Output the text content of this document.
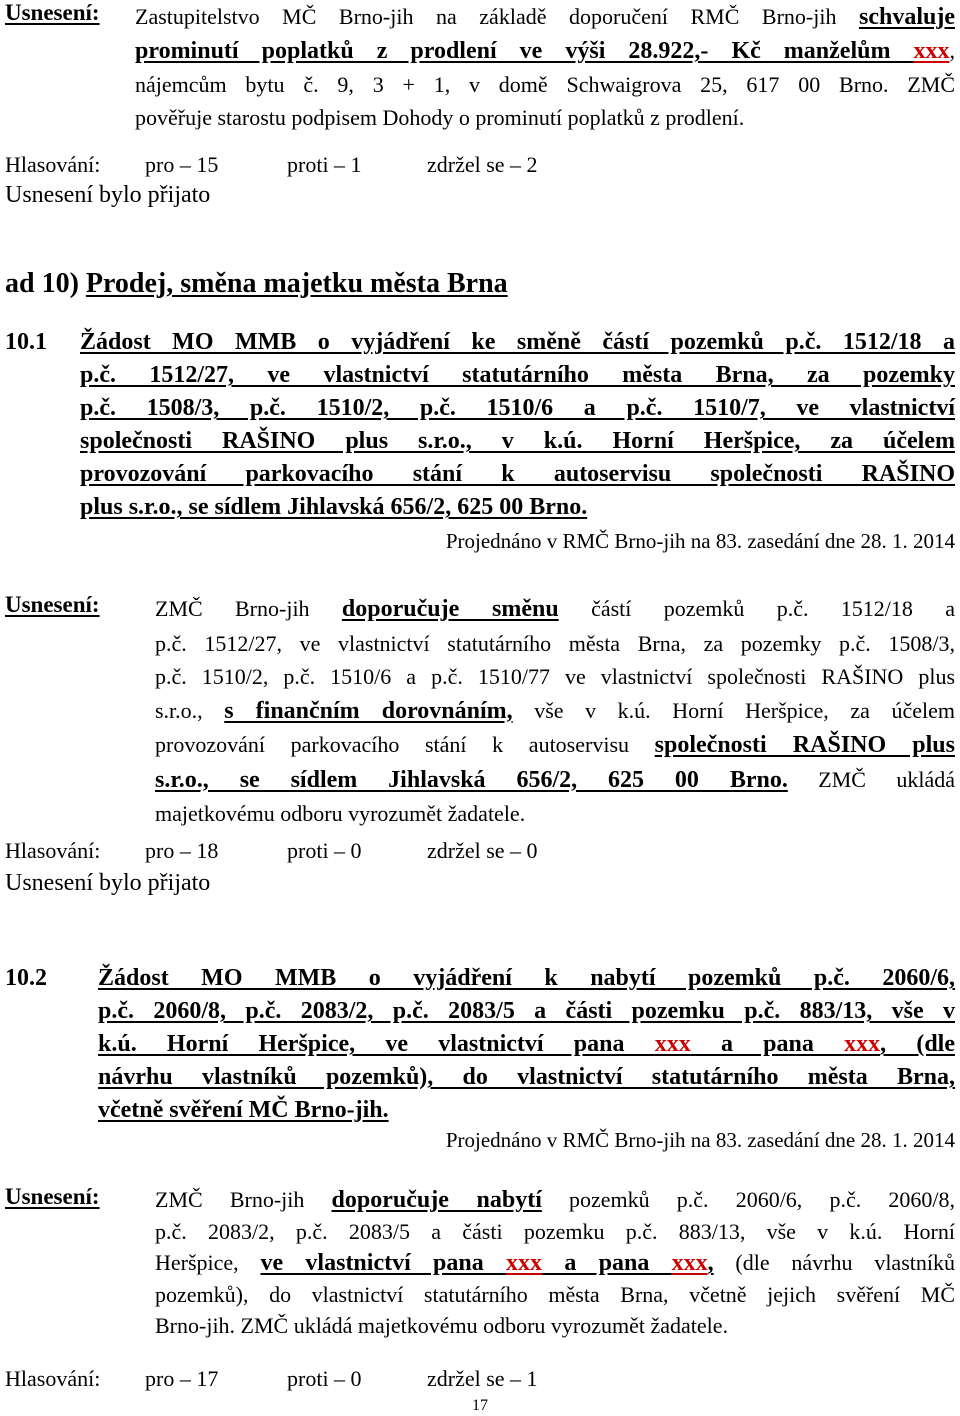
Usnesení: Zastupitelstvo MČ Brno-jih na základě doporučení RMČ Brno-jih schvaluje
prominutí poplatků z prodlení ve výši 28.922,- Kč manželům xxx,
nájemcům bytu č. 9, 3 + 1, v domě Schwaigrova 25, 617 00 Brno. ZMČ
pověřuje starostu podpisem Dohody o prominutí poplatků z prodlení.
Hlasování: pro – 15	proti – 1	zdržel se – 2
Usnesení bylo přijato
ad 10) Prodej, směna majetku města Brna
10.1 Žádost MO MMB o vyjádření ke směně částí pozemků p.č. 1512/18 a
p.č. 1512/27, ve vlastnictví statutárního města Brna, za pozemky
p.č. 1508/3, p.č. 1510/2, p.č. 1510/6 a p.č. 1510/7, ve vlastnictví
společnosti RAŠINO plus s.r.o., v k.ú. Horní Heršpice, za účelem
provozování parkovacího stání k autoservisu společnosti RAŠINO
plus s.r.o., se sídlem Jihlavská 656/2, 625 00 Brno.
Projednáno v RMČ Brno-jih na 83. zasedání dne 28. 1. 2014
Usnesení:	ZMČ Brno-jih doporučuje směnu částí pozemků p.č. 1512/18 a
p.č. 1512/27, ve vlastnictví statutárního města Brna, za pozemky p.č. 1508/3,
p.č. 1510/2, p.č. 1510/6 a p.č. 1510/77 ve vlastnictví společnosti RAŠINO plus
s.r.o., s finančním dorovnáním, vše v k.ú. Horní Heršpice, za účelem
provozování parkovacího stání k autoservisu společnosti RAŠINO plus
s.r.o., se sídlem Jihlavská 656/2, 625 00 Brno. ZMČ ukládá
majetkovému odboru vyrozumět žadatele.
Hlasování: pro – 18	proti – 0	zdržel se – 0
Usnesení bylo přijato
10.2 Žádost MO MMB o vyjádření k nabytí pozemků p.č. 2060/6,
p.č. 2060/8, p.č. 2083/2, p.č. 2083/5 a části pozemku p.č. 883/13, vše v
k.ú. Horní Heršpice, ve vlastnictví pana xxx a pana xxx, (dle
návrhu vlastníků pozemků), do vlastnictví statutárního města Brna,
včetně svěření MČ Brno-jih.
Projednáno v RMČ Brno-jih na 83. zasedání dne 28. 1. 2014
Usnesení:	ZMČ Brno-jih doporučuje nabytí pozemků p.č. 2060/6, p.č. 2060/8,
p.č. 2083/2, p.č. 2083/5 a části pozemku p.č. 883/13, vše v k.ú. Horní
Heršpice, ve vlastnictví pana xxx a pana xxx, (dle návrhu vlastníků
pozemků), do vlastnictví statutárního města Brna, včetně jejich svěření MČ
Brno-jih. ZMČ ukládá majetkovému odboru vyrozumět žadatele.
Hlasování: pro – 17	proti – 0	zdržel se – 1
17
